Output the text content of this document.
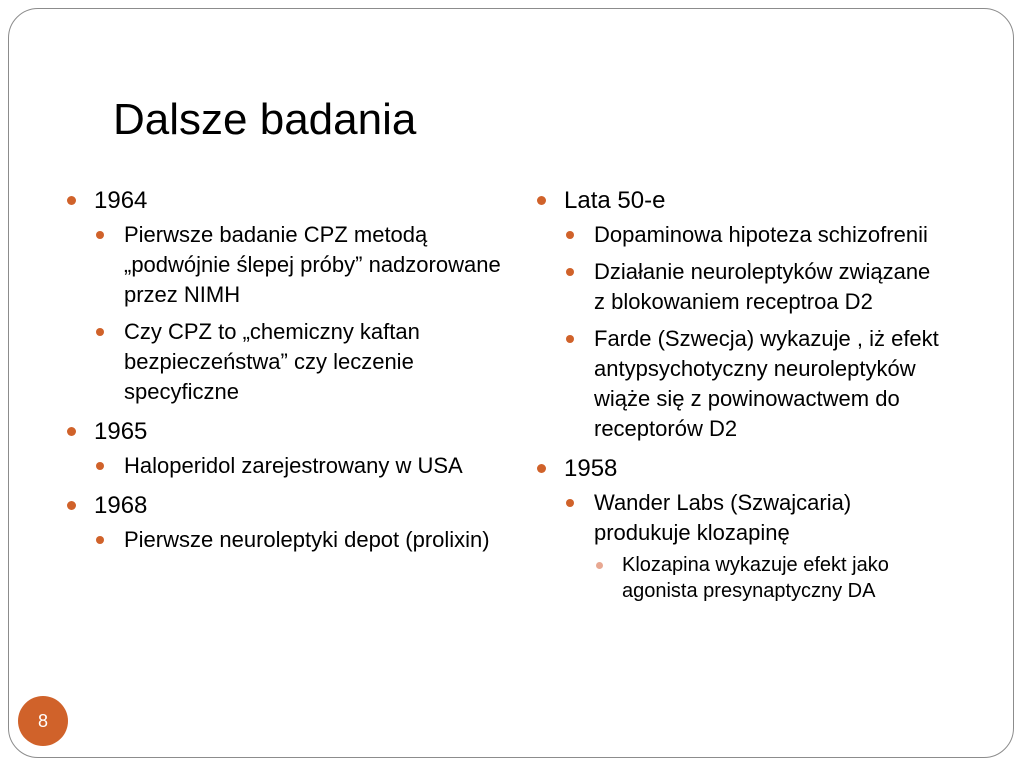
Dalsze badania
1964
Pierwsze badanie CPZ metodą „podwójnie ślepej próby” nadzorowane przez NIMH
Czy CPZ to „chemiczny kaftan bezpieczeństwa” czy leczenie specyficzne
1965
Haloperidol zarejestrowany w USA
1968
Pierwsze neuroleptyki depot (prolixin)
Lata 50-e
Dopaminowa hipoteza schizofrenii
Działanie neuroleptyków związane z blokowaniem receptroa D2
Farde (Szwecja) wykazuje , iż efekt antypsychotyczny neuroleptyków wiąże się z powinowactwem do receptorów D2
1958
Wander Labs (Szwajcaria) produkuje klozapinę
Klozapina wykazuje efekt jako agonista presynaptyczny DA
8
